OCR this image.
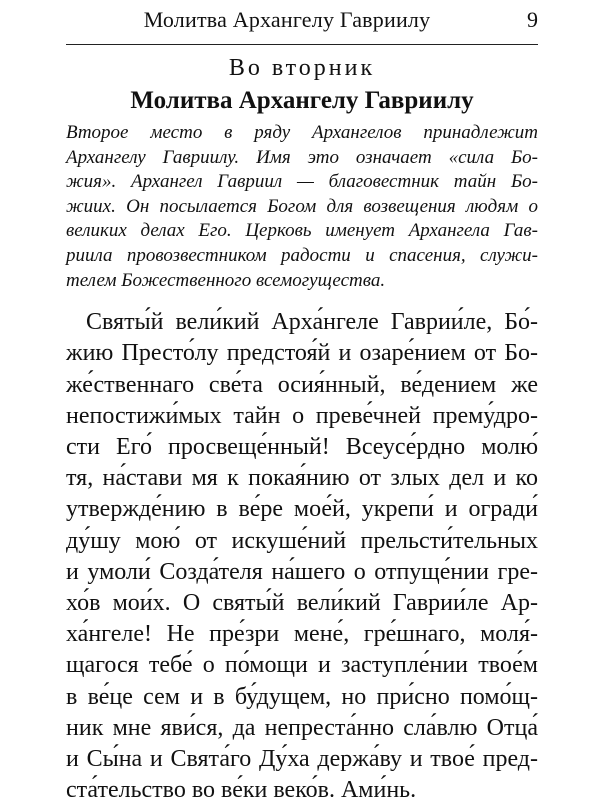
Молитва Архангелу Гавриилу	9
Во вторник
Молитва Архангелу Гавриилу
Второе место в ряду Архангелов принадлежит
Архангелу Гавриилу. Имя это означает «сила Бо-
жия». Архангел Гавриил — благовестник тайн Бо-
жиих. Он посылается Богом для возвещения людям о
великих делах Его. Церковь именует Архангела Гав-
риила провозвестником радости и спасения, служи-
телем Божественного всемогущества.
Святы́й вели́кий Арха́нгеле Гаврии́ле, Бо́-
жию Престо́лу предстоя́й и озаре́нием от Бо-
же́ственнаго све́та осия́нный, ве́дением же
непостижи́мых тайн о преве́чней прему́дро-
сти Его́ просвеще́нный! Всеусе́рдно молю́
тя, на́стави мя к покая́нию от злых дел и ко
утвержде́нию в ве́ре мое́й, укрепи́ и огради́
ду́шу мою́ от искуше́ний прельсти́тельных
и умоли́ Созда́теля на́шего о отпуще́нии гре-
хо́в мои́х. О святы́й вели́кий Гаврии́ле Ар-
ха́нгеле! Не пре́зри мене́, гре́шнаго, моля́-
щагося тебе́ о по́мощи и заступле́нии твое́м
в ве́це сем и в бу́дущем, но при́сно помо́щ-
ник мне яви́ся, да непреста́нно сла́влю Отца́
и Сы́на и Свята́го Ду́ха держа́ву и твое́ пред-
ста́тельство во ве́ки веко́в. Ами́нь.
